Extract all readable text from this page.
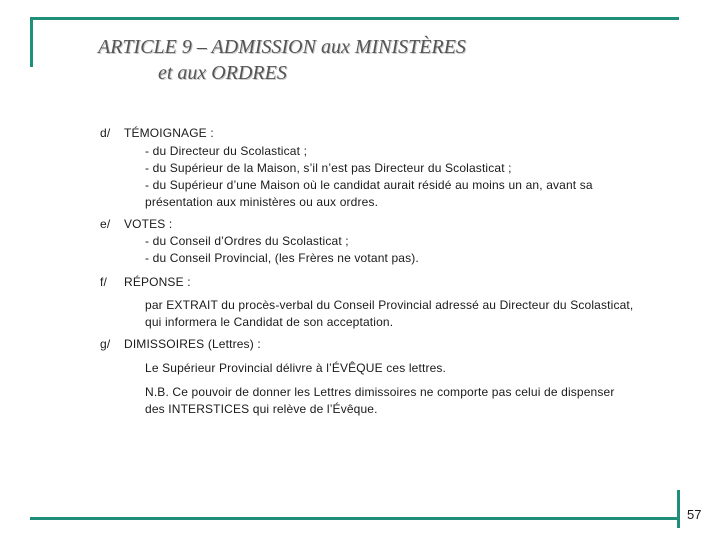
ARTICLE 9 – ADMISSION aux MINISTÈRES
et aux ORDRES
d/ TÉMOIGNAGE :
- du Directeur du Scolasticat ;
- du Supérieur de la Maison, s’il n’est pas Directeur du Scolasticat ;
- du Supérieur d’une Maison où le candidat aurait résidé au moins un an, avant sa
présentation aux ministères ou aux ordres.
e/ VOTES :
- du Conseil d’Ordres du Scolasticat ;
- du Conseil Provincial, (les Frères ne votant pas).
f/ RÉPONSE :
par EXTRAIT du procès-verbal du Conseil Provincial adressé au Directeur du Scolasticat,
qui informera le Candidat de son acceptation.
g/ DIMISSOIRES (Lettres) :
Le Supérieur Provincial délivre à l’ÉVÊQUE ces lettres.
N.B. Ce pouvoir de donner les Lettres dimissoires ne comporte pas celui de dispenser
des INTERSTICES qui relève de l’Évêque.
57
